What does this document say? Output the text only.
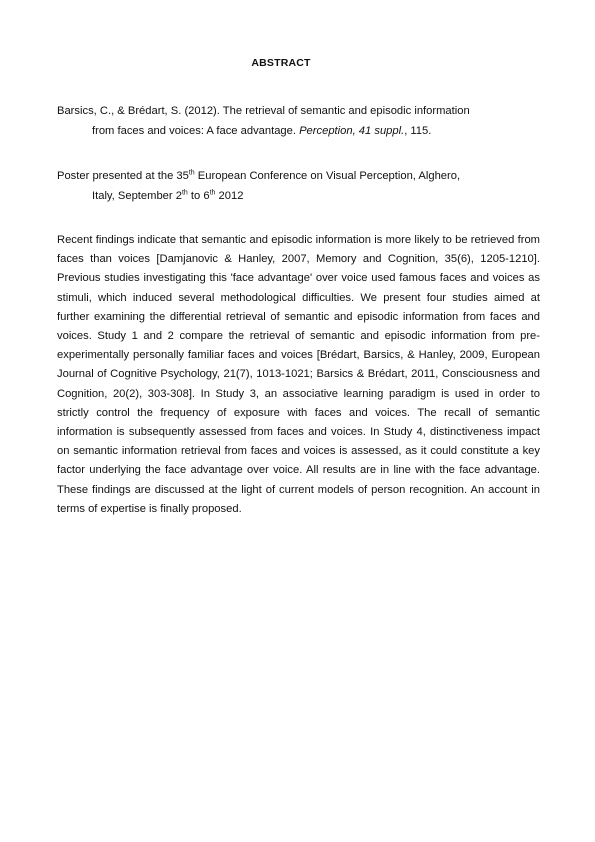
ABSTRACT
Barsics, C., & Brédart, S. (2012). The retrieval of semantic and episodic information
from faces and voices: A face advantage. Perception, 41 suppl., 115.
Poster presented at the 35th European Conference on Visual Perception, Alghero,
Italy, September 2th to 6th 2012

Recent findings indicate that semantic and episodic information is more likely to be retrieved from faces than voices [Damjanovic & Hanley, 2007, Memory and Cognition, 35(6), 1205-1210]. Previous studies investigating this 'face advantage' over voice used famous faces and voices as stimuli, which induced several methodological difficulties. We present four studies aimed at further examining the differential retrieval of semantic and episodic information from faces and voices. Study 1 and 2 compare the retrieval of semantic and episodic information from pre-experimentally personally familiar faces and voices [Brédart, Barsics, & Hanley, 2009, European Journal of Cognitive Psychology, 21(7), 1013-1021; Barsics & Brédart, 2011, Consciousness and Cognition, 20(2), 303-308]. In Study 3, an associative learning paradigm is used in order to strictly control the frequency of exposure with faces and voices. The recall of semantic information is subsequently assessed from faces and voices. In Study 4, distinctiveness impact on semantic information retrieval from faces and voices is assessed, as it could constitute a key factor underlying the face advantage over voice. All results are in line with the face advantage. These findings are discussed at the light of current models of person recognition. An account in terms of expertise is finally proposed.
